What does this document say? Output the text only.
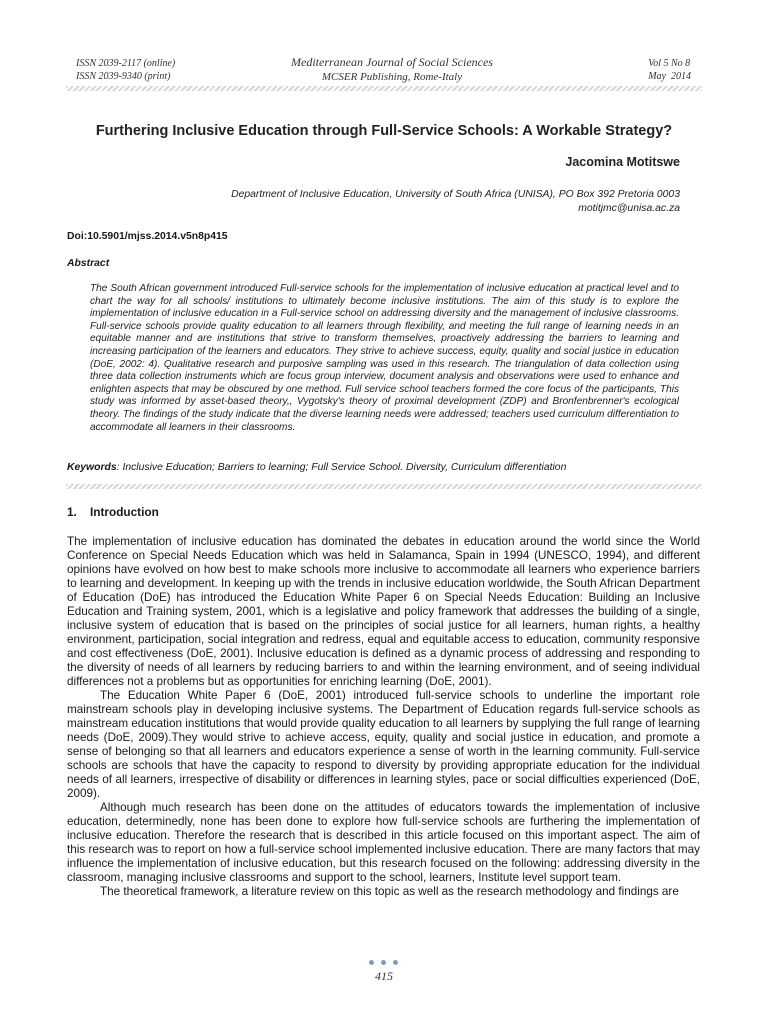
ISSN 2039-2117 (online)
ISSN 2039-9340 (print)
Mediterranean Journal of Social Sciences
MCSER Publishing, Rome-Italy
Vol 5 No 8
May  2014
Furthering Inclusive Education through Full-Service Schools: A Workable Strategy?
Jacomina Motitswe
Department of Inclusive Education, University of South Africa (UNISA), PO Box 392 Pretoria 0003
motitjmc@unisa.ac.za
Doi:10.5901/mjss.2014.v5n8p415
Abstract
The South African government introduced Full-service schools for the implementation of inclusive education at practical level and to chart the way for all schools/ institutions to ultimately become inclusive institutions. The aim of this study is to explore the implementation of inclusive education in a Full-service school on addressing diversity and the management of inclusive classrooms. Full-service schools provide quality education to all learners through flexibility, and meeting the full range of learning needs in an equitable manner and are institutions that strive to transform themselves, proactively addressing the barriers to learning and increasing participation of the learners and educators. They strive to achieve success, equity, quality and social justice in education (DoE, 2002: 4). Qualitative research and purposive sampling was used in this research. The triangulation of data collection using three data collection instruments which are focus group interview, document analysis and observations were used to enhance and enlighten aspects that may be obscured by one method. Full service school teachers formed the core focus of the participants, This study was informed by asset-based theory,, Vygotsky's theory of proximal development (ZDP) and Bronfenbrenner's ecological theory. The findings of the study indicate that the diverse learning needs were addressed; teachers used curriculum differentiation to accommodate all learners in their classrooms.
Keywords: Inclusive Education; Barriers to learning; Full Service School. Diversity, Curriculum differentiation
1. Introduction

The implementation of inclusive education has dominated the debates in education around the world since the World Conference on Special Needs Education which was held in Salamanca, Spain in 1994 (UNESCO, 1994), and different opinions have evolved on how best to make schools more inclusive to accommodate all learners who experience barriers to learning and development. In keeping up with the trends in inclusive education worldwide, the South African Department of Education (DoE) has introduced the Education White Paper 6 on Special Needs Education: Building an Inclusive Education and Training system, 2001, which is a legislative and policy framework that addresses the building of a single, inclusive system of education that is based on the principles of social justice for all learners, human rights, a healthy environment, participation, social integration and redress, equal and equitable access to education, community responsive and cost effectiveness (DoE, 2001). Inclusive education is defined as a dynamic process of addressing and responding to the diversity of needs of all learners by reducing barriers to and within the learning environment, and of seeing individual differences not a problems but as opportunities for enriching learning (DoE, 2001).

The Education White Paper 6 (DoE, 2001) introduced full-service schools to underline the important role mainstream schools play in developing inclusive systems. The Department of Education regards full-service schools as mainstream education institutions that would provide quality education to all learners by supplying the full range of learning needs (DoE, 2009).They would strive to achieve access, equity, quality and social justice in education, and promote a sense of belonging so that all learners and educators experience a sense of worth in the learning community. Full-service schools are schools that have the capacity to respond to diversity by providing appropriate education for the individual needs of all learners, irrespective of disability or differences in learning styles, pace or social difficulties experienced (DoE, 2009).

Although much research has been done on the attitudes of educators towards the implementation of inclusive education, determinedly, none has been done to explore how full-service schools are furthering the implementation of inclusive education. Therefore the research that is described in this article focused on this important aspect. The aim of this research was to report on how a full-service school implemented inclusive education. There are many factors that may influence the implementation of inclusive education, but this research focused on the following: addressing diversity in the classroom, managing inclusive classrooms and support to the school, learners, Institute level support team.

The theoretical framework, a literature review on this topic as well as the research methodology and findings are

415
